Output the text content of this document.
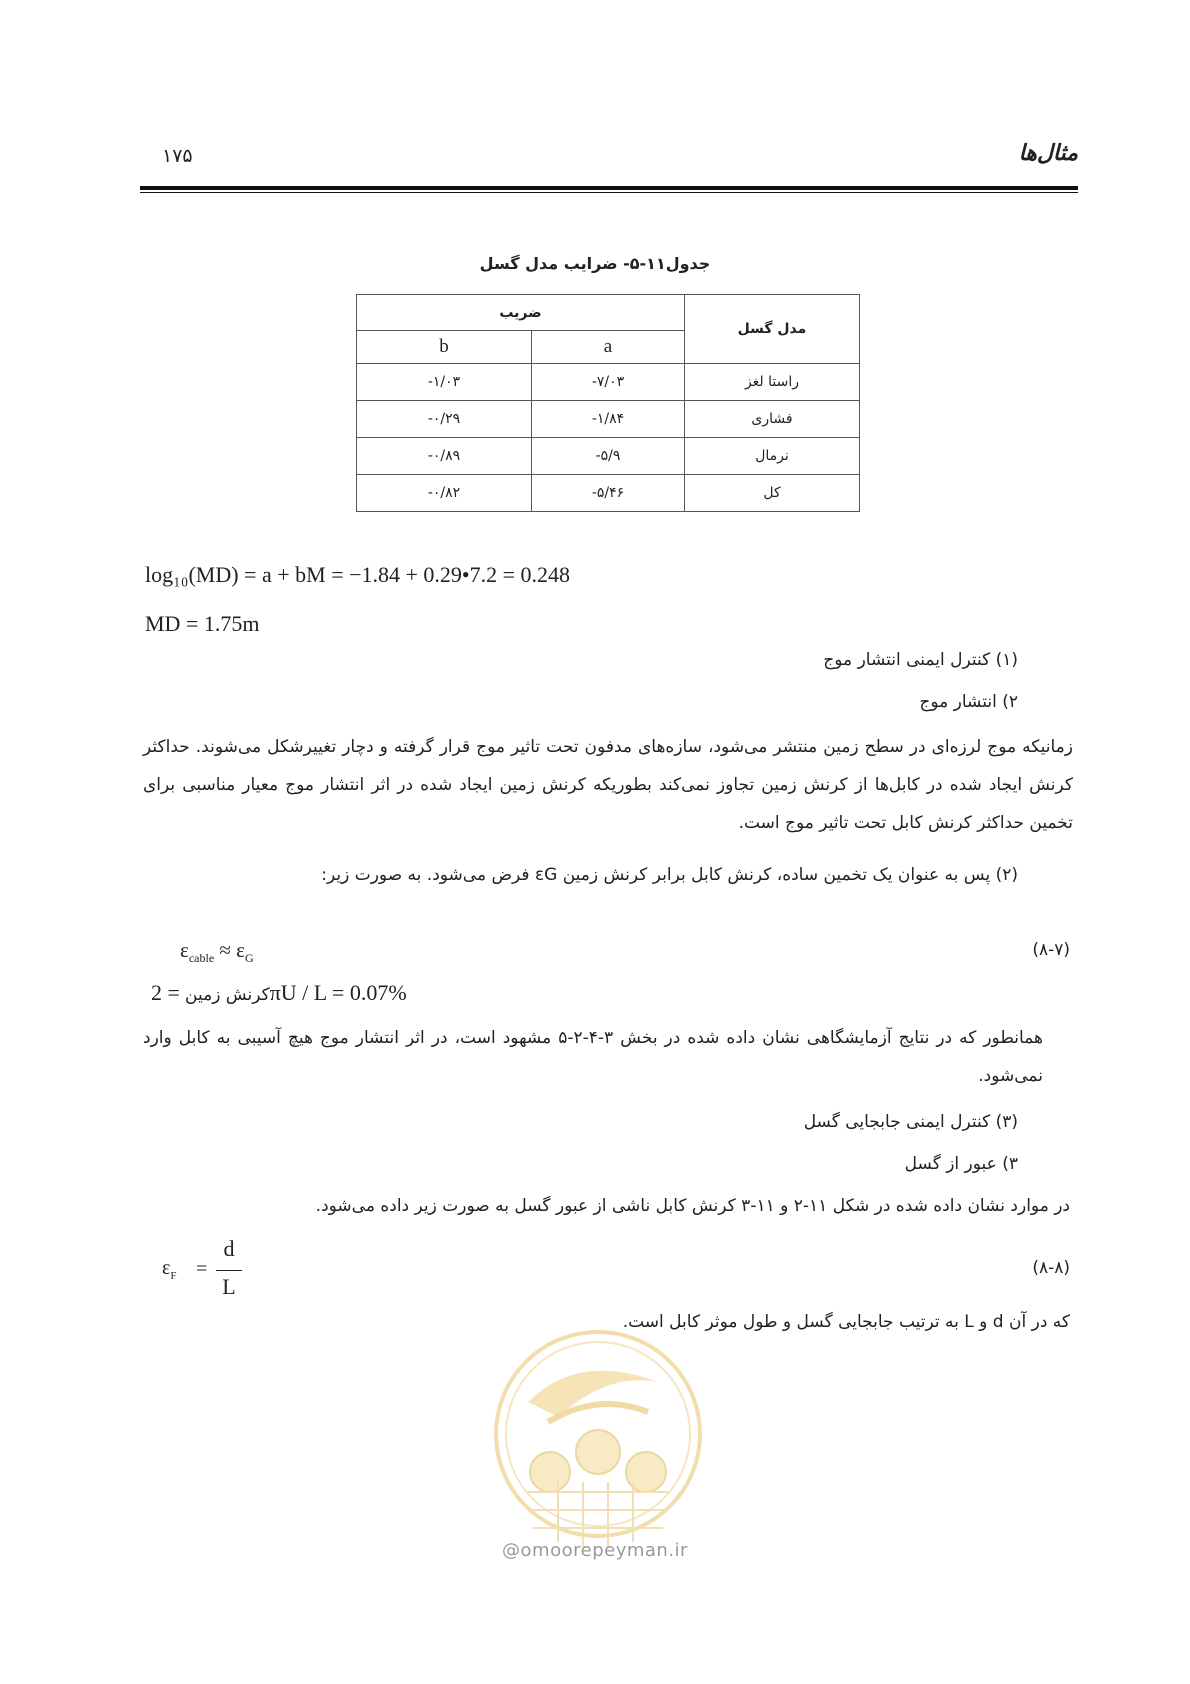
۱۷۵	مثال‌ها
جدول۱۱-۵- ضرایب مدل گسل
مدل گسل	ضریب	
	a	b
راستا لغز	۷/۰۳-	۱/۰۳-
فشاری	۱/۸۴-	۰/۲۹-
نرمال	۵/۹-	۰/۸۹-
کل	۵/۴۶-	۰/۸۲-
log₁₀(MD) = a + bM = −1.84 + 0.29•7.2 = 0.248
MD = 1.75m
(۱) کنترل ایمنی انتشار موج
۲) انتشار موج
زمانیکه موج لرزه‌ای در سطح زمین منتشر می‌شود، سازه‌های مدفون تحت تاثیر موج قرار گرفته و دچار تغییرشکل می‌شوند. حداکثر کرنش ایجاد شده در کابل‌ها از کرنش زمین تجاوز نمی‌کند بطوریکه کرنش زمین ایجاد شده در اثر انتشار موج معیار مناسبی برای تخمین حداکثر کرنش کابل تحت تاثیر موج است.
(۲) پس به عنوان یک تخمین ساده، کرنش کابل برابر کرنش زمین εG فرض می‌شود. به صورت زیر:
$\varepsilon_{cable} \approx \varepsilon_G$	(۸-۷)
کرنش زمین = 2πU / L = 0.07%
همانطور که در نتایج آزمایشگاهی نشان داده شده در بخش ۳-۴-۲-۵ مشهود است، در اثر انتشار موج هیچ آسیبی به کابل وارد نمی‌شود.
(۳) کنترل ایمنی جابجایی گسل
۳) عبور از گسل
در موارد نشان داده شده در شکل ۱۱-۲ و ۱۱-۳ کرنش کابل ناشی از عبور گسل به صورت زیر داده می‌شود.
$\varepsilon_F$ =
d
L
(۸-۸)
که در آن d و L به ترتیب جابجایی گسل و طول موثر کابل است.
@omoorepeyman.ir
